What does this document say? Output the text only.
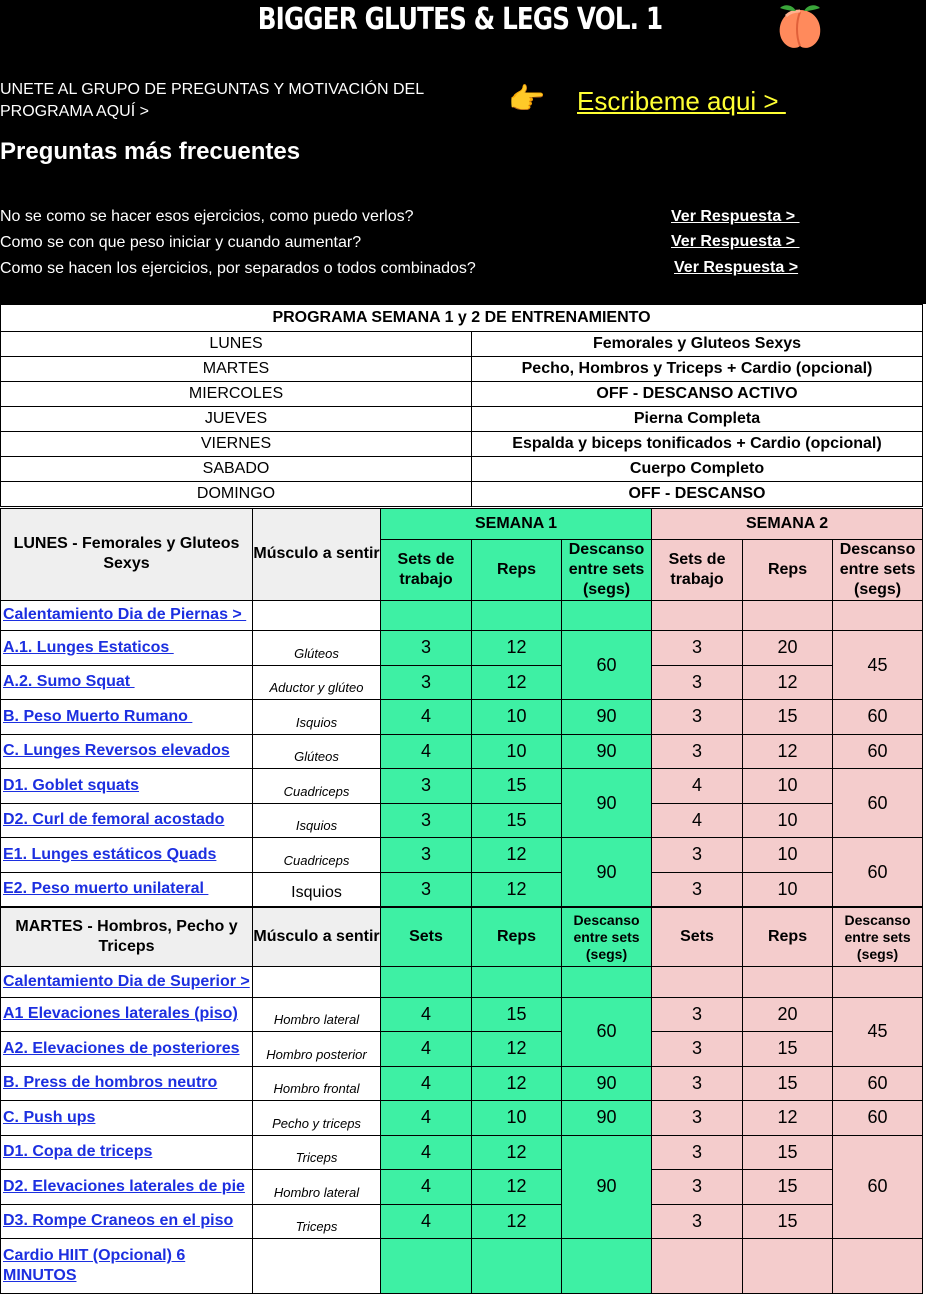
BIGGER GLUTES & LEGS VOL. 1
UNETE AL GRUPO DE PREGUNTAS Y MOTIVACIÓN DEL PROGRAMA AQUÍ >	👉 Escribeme aqui >
Preguntas más frecuentes
No se como se hacer esos ejercicios, como puedo verlos?	Ver Respuesta >
Como se con que peso iniciar y cuando aumentar?	Ver Respuesta >
Como se hacen los ejercicios, por separados o todos combinados?	Ver Respuesta >
PROGRAMA SEMANA 1 y 2 DE ENTRENAMIENTO	
LUNES	Femorales y Gluteos Sexys
MARTES	Pecho, Hombros y Triceps + Cardio (opcional)
MIERCOLES	OFF - DESCANSO ACTIVO
JUEVES	Pierna Completa
VIERNES	Espalda y biceps tonificados + Cardio (opcional)
SABADO	Cuerpo Completo
DOMINGO	OFF - DESCANSO
LUNES - Femorales y Gluteos Sexys	Músculo a sentir	SEMANA 1			SEMANA 2		
		Sets de trabajo	Reps	Descanso entre sets (segs)	Sets de trabajo	Reps	Descanso entre sets (segs)
Calentamiento Dia de Piernas >							
A.1. Lunges Estaticos	Glúteos	3	12	60	3	20	45
A.2. Sumo Squat	Aductor y glúteo	3	12		3	12	
B. Peso Muerto Rumano	Isquios	4	10	90	3	15	60
C. Lunges Reversos elevados	Glúteos	4	10	90	3	12	60
D1. Goblet squats	Cuadriceps	3	15	90	4	10	60
D2. Curl de femoral acostado	Isquios	3	15		4	10	
E1. Lunges estáticos Quads	Cuadriceps	3	12	90	3	10	60
E2. Peso muerto unilateral	Isquios	3	12		3	10	
MARTES - Hombros, Pecho y Triceps	Músculo a sentir	Sets	Reps	Descanso entre sets (segs)	Sets	Reps	Descanso entre sets (segs)
Calentamiento Dia de Superior >							
A1 Elevaciones laterales (piso)	Hombro lateral	4	15	60	3	20	45
A2. Elevaciones de posteriores	Hombro posterior	4	12		3	15	
B. Press de hombros neutro	Hombro frontal	4	12	90	3	15	60
C. Push ups	Pecho y triceps	4	10	90	3	12	60
D1. Copa de triceps	Triceps	4	12	90	3	15	60
D2. Elevaciones laterales de pie	Hombro lateral	4	12		3	15	
D3. Rompe Craneos en el piso	Triceps	4	12		3	15	
Cardio HIIT (Opcional) 6 MINUTOS							
